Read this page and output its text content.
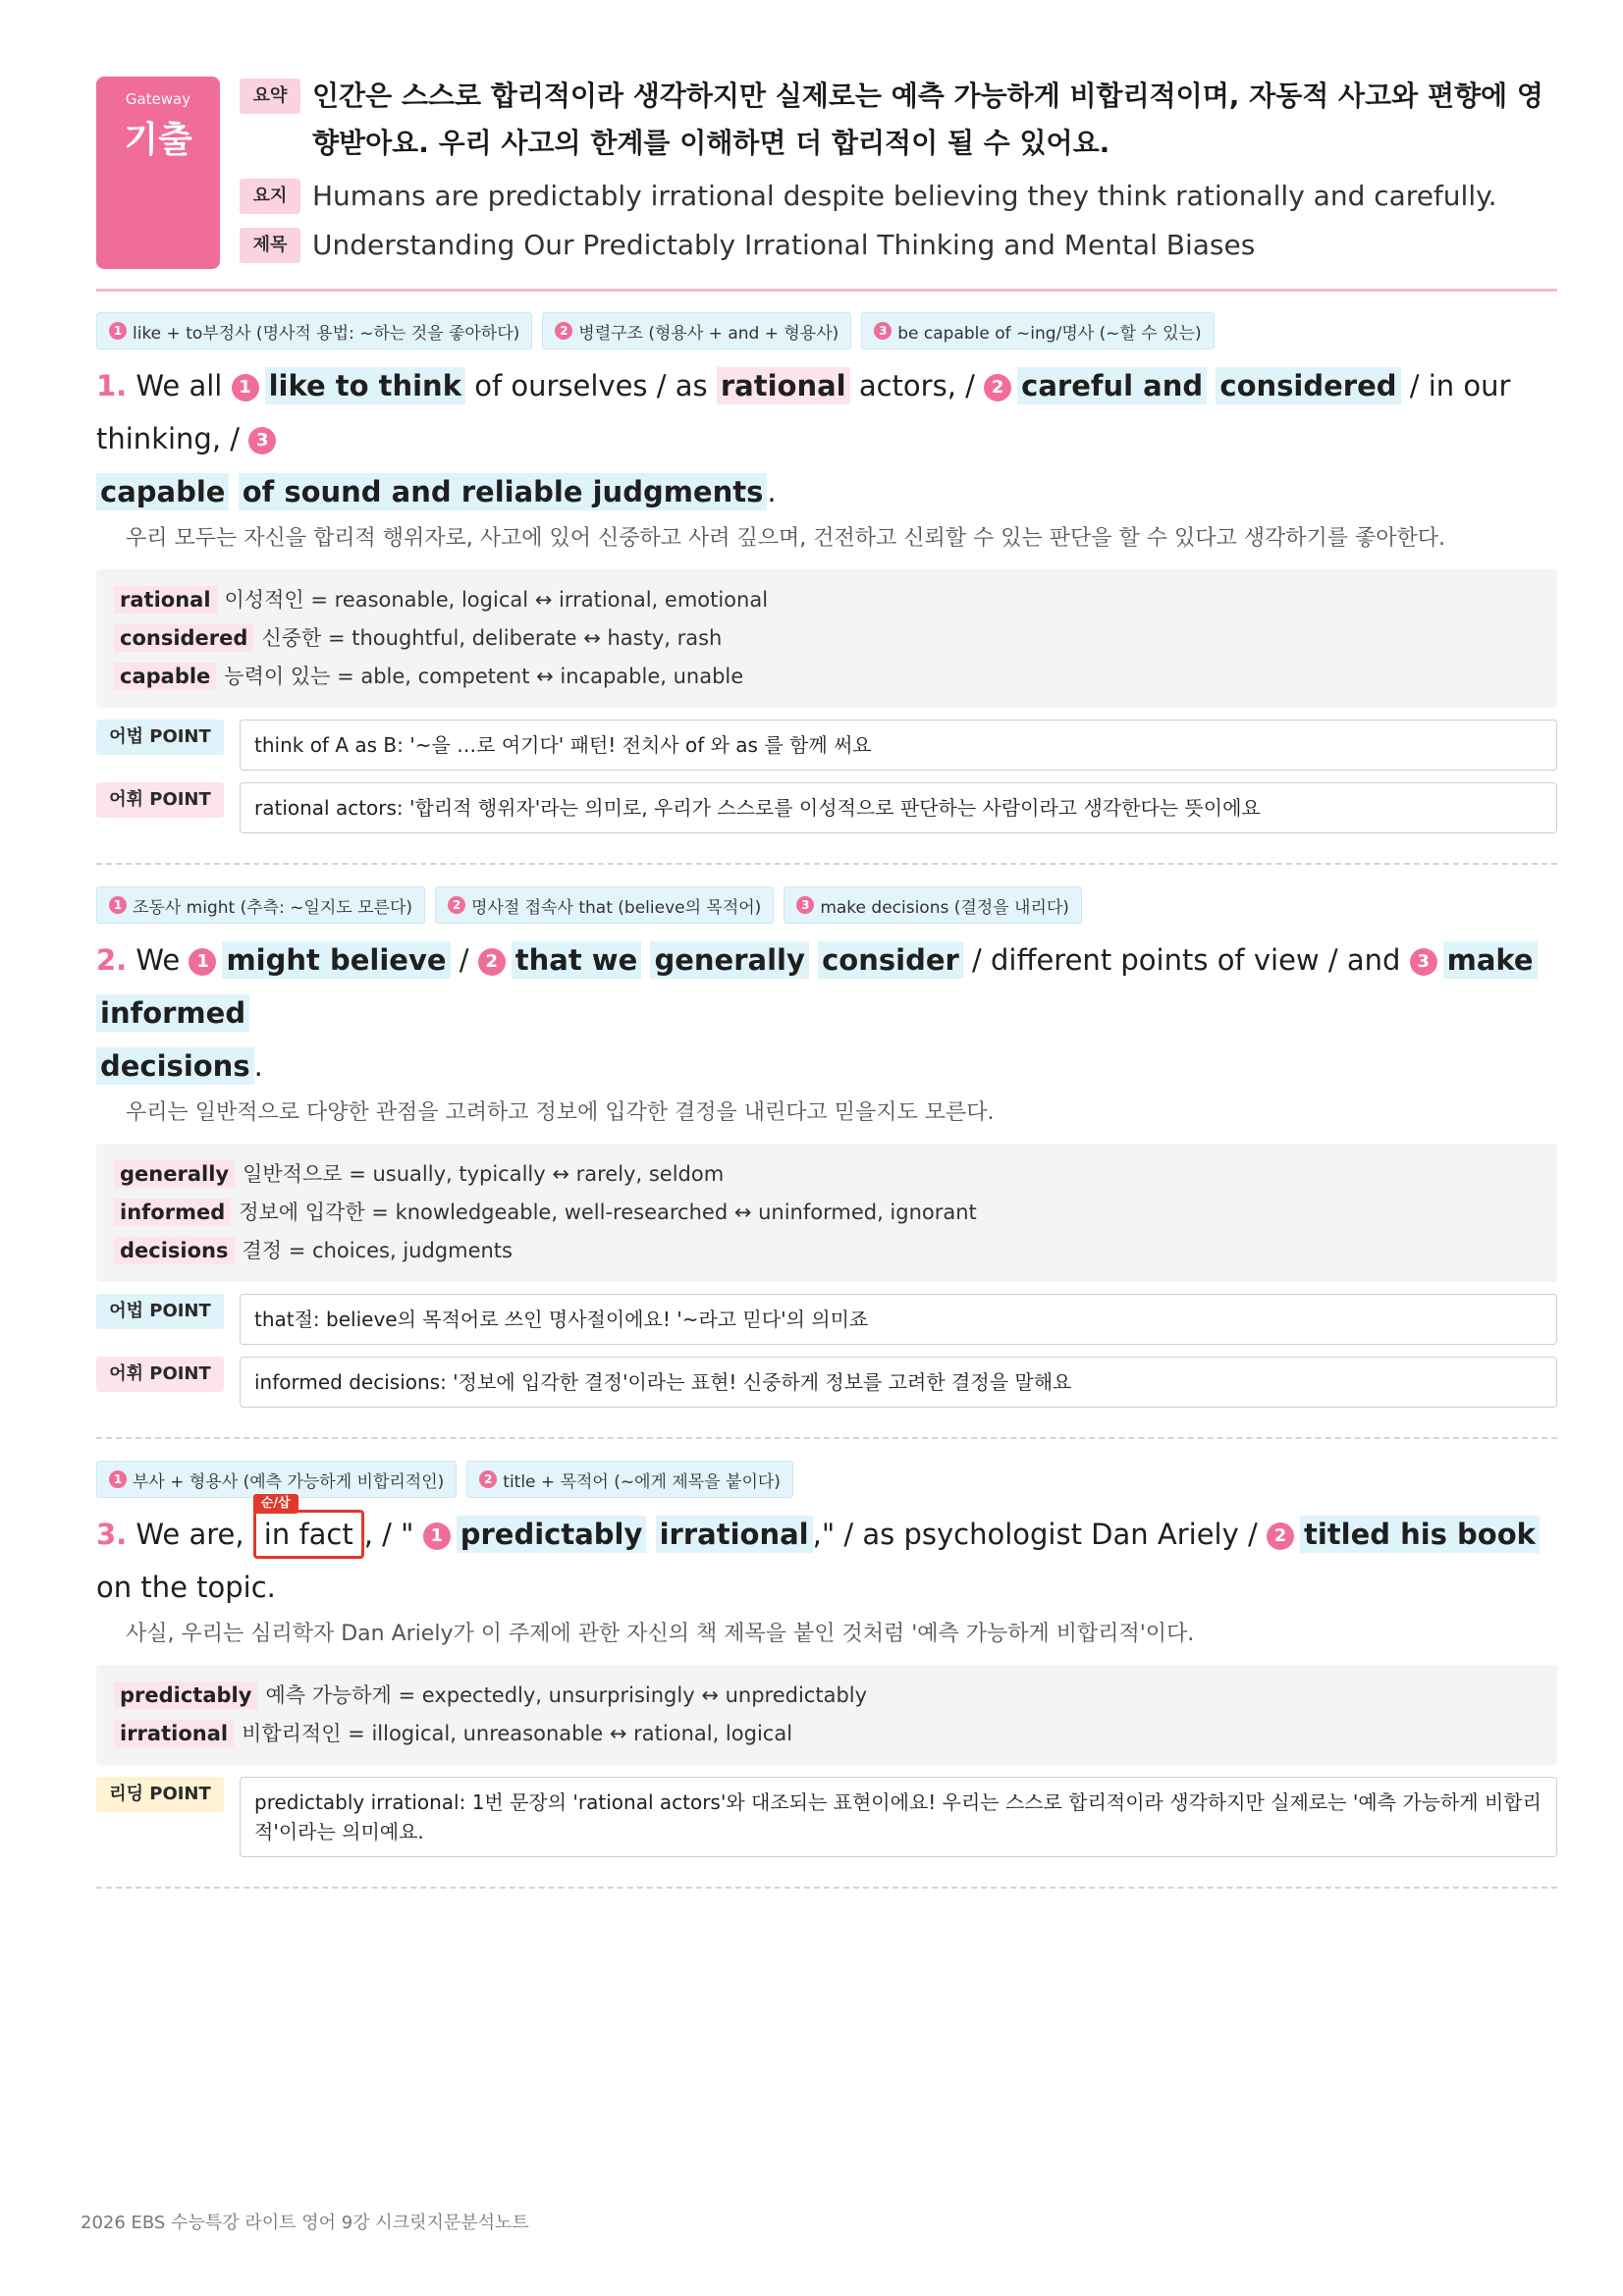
Gateway
기출
요약 인간은 스스로 합리적이라 생각하지만 실제로는 예측 가능하게 비합리적이며, 자동적 사고와 편향에 영향받아요. 우리 사고의 한계를 이해하면 더 합리적이 될 수 있어요.
요지 Humans are predictably irrational despite believing they think rationally and carefully.
제목 Understanding Our Predictably Irrational Thinking and Mental Biases
1 like + to부정사 (명사적 용법: ~하는 것을 좋아하다)	2 병렬구조 (형용사 + and + 형용사)	3 be capable of ~ing/명사 (~할 수 있는)
1. We all 1 like to think of ourselves / as rational actors, / 2 careful and considered / in our thinking, / 3
capable of sound and reliable judgments .
우리 모두는 자신을 합리적 행위자로, 사고에 있어 신중하고 사려 깊으며, 건전하고 신뢰할 수 있는 판단을 할 수 있다고 생각하기를 좋아한다.
rational 이성적인 = reasonable, logical ↔ irrational, emotional
considered 신중한 = thoughtful, deliberate ↔ hasty, rash
capable 능력이 있는 = able, competent ↔ incapable, unable
어법 POINT	think of A as B: '~을 …로 여기다' 패턴! 전치사 of 와 as 를 함께 써요
어휘 POINT	rational actors: '합리적 행위자'라는 의미로, 우리가 스스로를 이성적으로 판단하는 사람이라고 생각한다는 뜻이에요
1 조동사 might (추측: ~일지도 모른다)	2 명사절 접속사 that (believe의 목적어)	3 make decisions (결정을 내리다)
2. We 1 might believe / 2 that we generally consider / different points of view / and 3 make informed
decisions .
우리는 일반적으로 다양한 관점을 고려하고 정보에 입각한 결정을 내린다고 믿을지도 모른다.
generally 일반적으로 = usually, typically ↔ rarely, seldom
informed 정보에 입각한 = knowledgeable, well-researched ↔ uninformed, ignorant
decisions 결정 = choices, judgments
어법 POINT	that절: believe의 목적어로 쓰인 명사절이에요! '~라고 믿다'의 의미죠
어휘 POINT	informed decisions: '정보에 입각한 결정'이라는 표현! 신중하게 정보를 고려한 결정을 말해요
1 부사 + 형용사 (예측 가능하게 비합리적인)	2 title + 목적어 (~에게 제목을 붙이다)
3. We are,
순/삽
in fact , / " 1 predictably irrational ," / as psychologist Dan Ariely / 2 titled his book on the topic.
사실, 우리는 심리학자 Dan Ariely가 이 주제에 관한 자신의 책 제목을 붙인 것처럼 '예측 가능하게 비합리적'이다.
predictably 예측 가능하게 = expectedly, unsurprisingly ↔ unpredictably
irrational 비합리적인 = illogical, unreasonable ↔ rational, logical
리딩 POINT	predictably irrational: 1번 문장의 'rational actors'와 대조되는 표현이에요! 우리는 스스로 합리적이라 생각하지만 실제로는 '예측 가능하게 비합리적'이라는 의미예요.
2026 EBS 수능특강 라이트 영어 9강 시크릿지문분석노트
